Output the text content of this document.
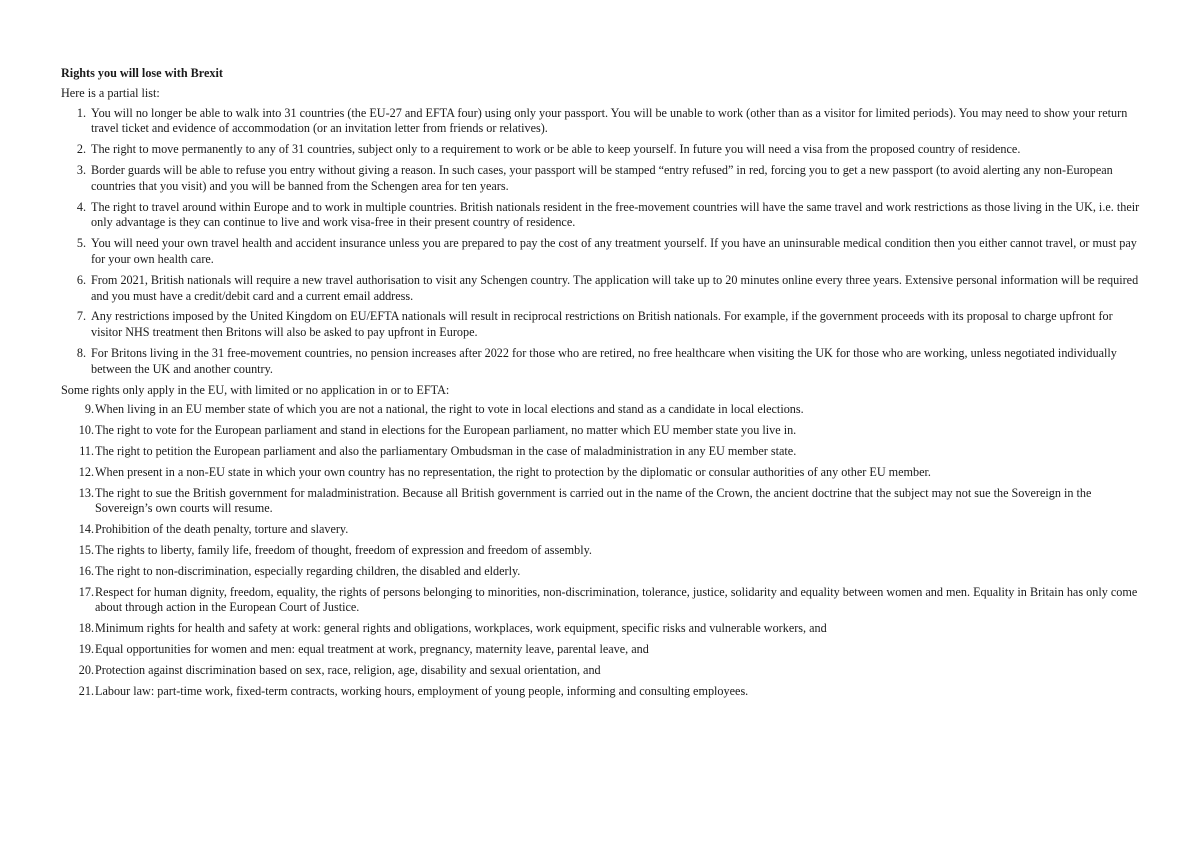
Rights you will lose with Brexit
Here is a partial list:
1. You will no longer be able to walk into 31 countries (the EU-27 and EFTA four) using only your passport. You will be unable to work (other than as a visitor for limited periods). You may need to show your return travel ticket and evidence of accommodation (or an invitation letter from friends or relatives).
2. The right to move permanently to any of 31 countries, subject only to a requirement to work or be able to keep yourself. In future you will need a visa from the proposed country of residence.
3. Border guards will be able to refuse you entry without giving a reason. In such cases, your passport will be stamped “entry refused” in red, forcing you to get a new passport (to avoid alerting any non-European countries that you visit) and you will be banned from the Schengen area for ten years.
4. The right to travel around within Europe and to work in multiple countries. British nationals resident in the free-movement countries will have the same travel and work restrictions as those living in the UK, i.e. their only advantage is they can continue to live and work visa-free in their present country of residence.
5. You will need your own travel health and accident insurance unless you are prepared to pay the cost of any treatment yourself. If you have an uninsurable medical condition then you either cannot travel, or must pay for your own health care.
6. From 2021, British nationals will require a new travel authorisation to visit any Schengen country. The application will take up to 20 minutes online every three years. Extensive personal information will be required and you must have a credit/debit card and a current email address.
7. Any restrictions imposed by the United Kingdom on EU/EFTA nationals will result in reciprocal restrictions on British nationals. For example, if the government proceeds with its proposal to charge upfront for visitor NHS treatment then Britons will also be asked to pay upfront in Europe.
8. For Britons living in the 31 free-movement countries, no pension increases after 2022 for those who are retired, no free healthcare when visiting the UK for those who are working, unless negotiated individually between the UK and another country.
Some rights only apply in the EU, with limited or no application in or to EFTA:
9. When living in an EU member state of which you are not a national, the right to vote in local elections and stand as a candidate in local elections.
10. The right to vote for the European parliament and stand in elections for the European parliament, no matter which EU member state you live in.
11. The right to petition the European parliament and also the parliamentary Ombudsman in the case of maladministration in any EU member state.
12. When present in a non-EU state in which your own country has no representation, the right to protection by the diplomatic or consular authorities of any other EU member.
13. The right to sue the British government for maladministration. Because all British government is carried out in the name of the Crown, the ancient doctrine that the subject may not sue the Sovereign in the Sovereign’s own courts will resume.
14. Prohibition of the death penalty, torture and slavery.
15. The rights to liberty, family life, freedom of thought, freedom of expression and freedom of assembly.
16. The right to non-discrimination, especially regarding children, the disabled and elderly.
17. Respect for human dignity, freedom, equality, the rights of persons belonging to minorities, non-discrimination, tolerance, justice, solidarity and equality between women and men. Equality in Britain has only come about through action in the European Court of Justice.
18. Minimum rights for health and safety at work: general rights and obligations, workplaces, work equipment, specific risks and vulnerable workers, and
19. Equal opportunities for women and men: equal treatment at work, pregnancy, maternity leave, parental leave, and
20. Protection against discrimination based on sex, race, religion, age, disability and sexual orientation, and
21. Labour law: part-time work, fixed-term contracts, working hours, employment of young people, informing and consulting employees.
